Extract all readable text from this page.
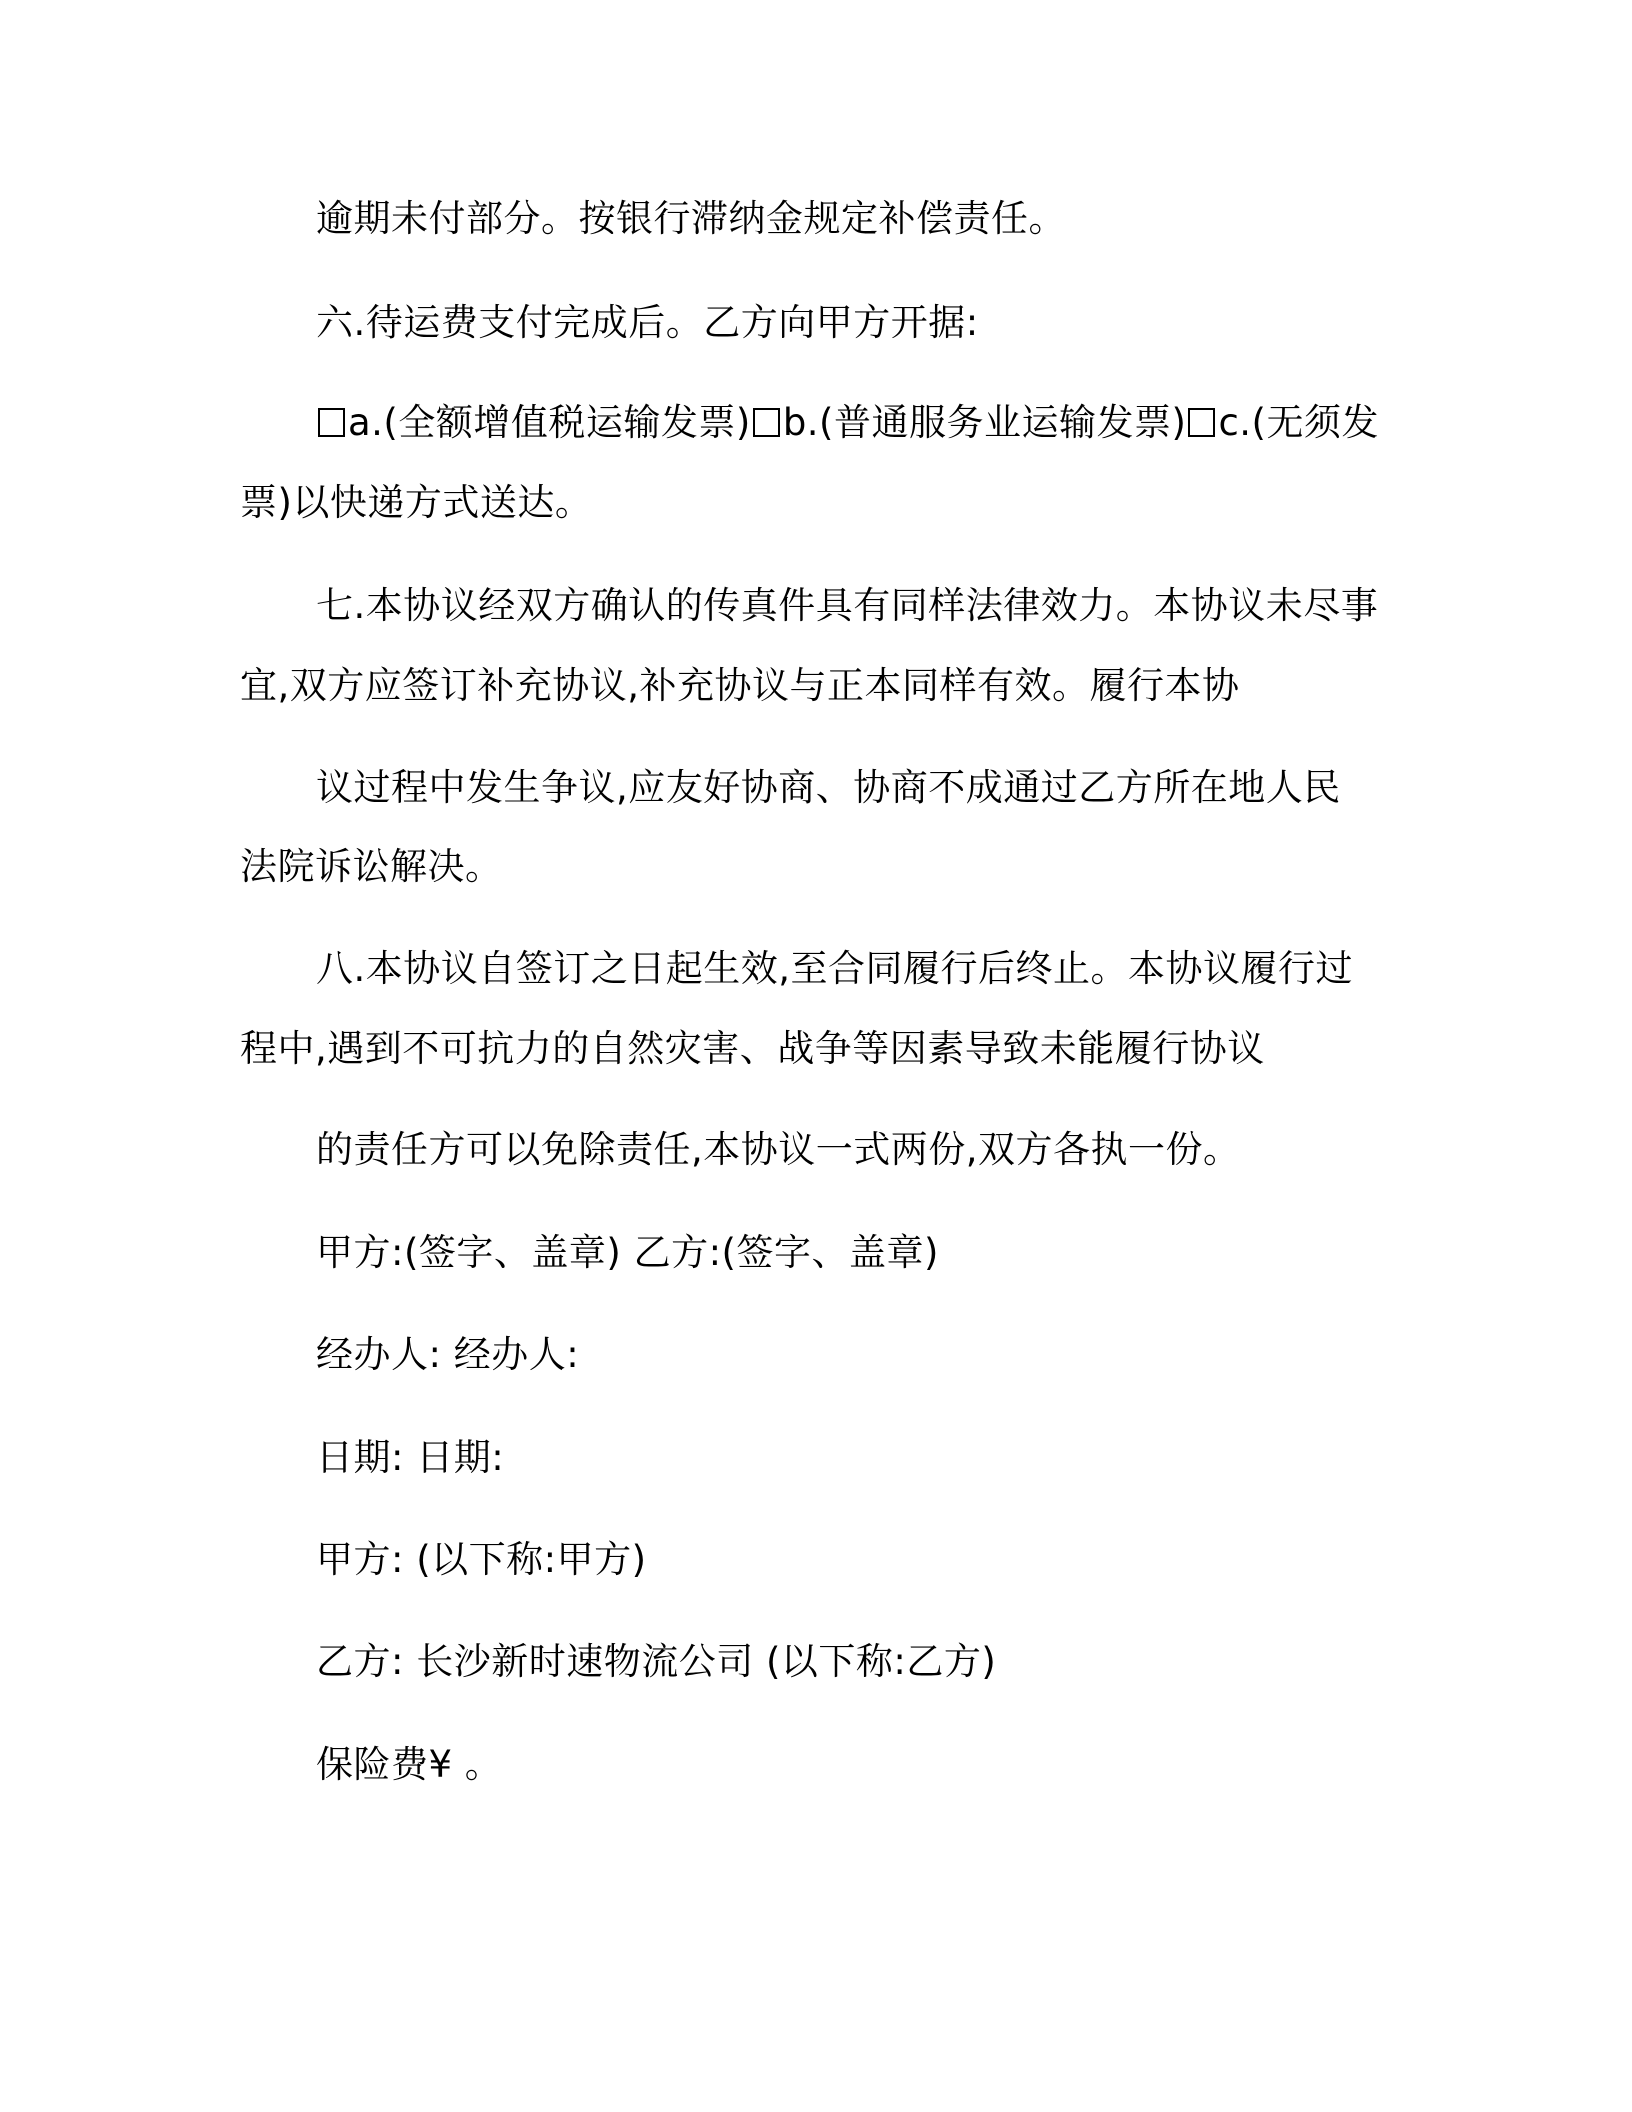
逾期未付部分。按银行滞纳金规定补偿责任。
六.待运费支付完成后。乙方向甲方开据:
a.(全额增值税运输发票) b.(普通服务业运输发票) c.(无须发
票)以快递方式送达。
七.本协议经双方确认的传真件具有同样法律效力。本协议未尽事
宜,双方应签订补充协议,补充协议与正本同样有效。履行本协
议过程中发生争议,应友好协商、协商不成通过乙方所在地人民
法院诉讼解决。
八.本协议自签订之日起生效,至合同履行后终止。本协议履行过
程中,遇到不可抗力的自然灾害、战争等因素导致未能履行协议
的责任方可以免除责任,本协议一式两份,双方各执一份。
甲方:(签字、盖章) 乙方:(签字、盖章)
经办人: 经办人:
日期: 日期:
甲方: (以下称:甲方)
乙方: 长沙新时速物流公司 (以下称:乙方)
保险费¥ 。
